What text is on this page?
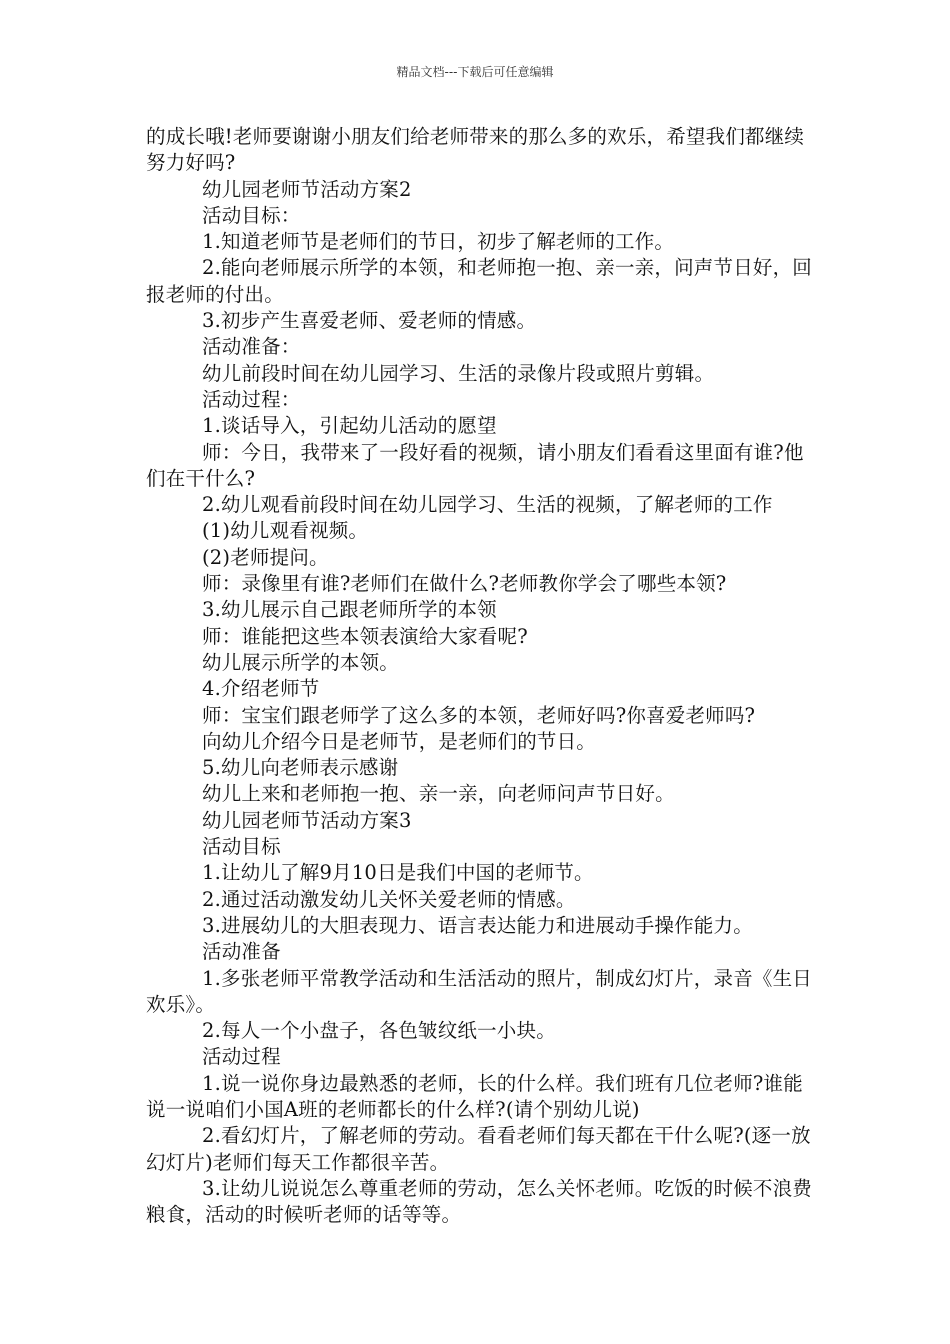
精品文档---下载后可任意编辑

的成长哦!老师要谢谢小朋友们给老师带来的那么多的欢乐，希望我们都继续努力好吗?

幼儿园老师节活动方案2

活动目标：

1.知道老师节是老师们的节日，初步了解老师的工作。

2.能向老师展示所学的本领，和老师抱一抱、亲一亲，问声节日好，回报老师的付出。

3.初步产生喜爱老师、爱老师的情感。

活动准备：

幼儿前段时间在幼儿园学习、生活的录像片段或照片剪辑。

活动过程：

1.谈话导入，引起幼儿活动的愿望

师：今日，我带来了一段好看的视频，请小朋友们看看这里面有谁?他们在干什么?

2.幼儿观看前段时间在幼儿园学习、生活的视频，了解老师的工作

(1)幼儿观看视频。

(2)老师提问。

师：录像里有谁?老师们在做什么?老师教你学会了哪些本领?

3.幼儿展示自己跟老师所学的本领

师：谁能把这些本领表演给大家看呢?

幼儿展示所学的本领。

4.介绍老师节

师：宝宝们跟老师学了这么多的本领，老师好吗?你喜爱老师吗?

向幼儿介绍今日是老师节，是老师们的节日。

5.幼儿向老师表示感谢

幼儿上来和老师抱一抱、亲一亲，向老师问声节日好。

幼儿园老师节活动方案3

活动目标

1.让幼儿了解9月10日是我们中国的老师节。

2.通过活动激发幼儿关怀关爱老师的情感。

3.进展幼儿的大胆表现力、语言表达能力和进展动手操作能力。

活动准备

1.多张老师平常教学活动和生活活动的照片，制成幻灯片，录音《生日欢乐》。

2.每人一个小盘子，各色皱纹纸一小块。

活动过程

1.说一说你身边最熟悉的老师，长的什么样。我们班有几位老师?谁能说一说咱们小国A班的老师都长的什么样?(请个别幼儿说)

2.看幻灯片，了解老师的劳动。看看老师们每天都在干什么呢?(逐一放幻灯片)老师们每天工作都很辛苦。

3.让幼儿说说怎么尊重老师的劳动，怎么关怀老师。吃饭的时候不浪费粮食，活动的时候听老师的话等等。
